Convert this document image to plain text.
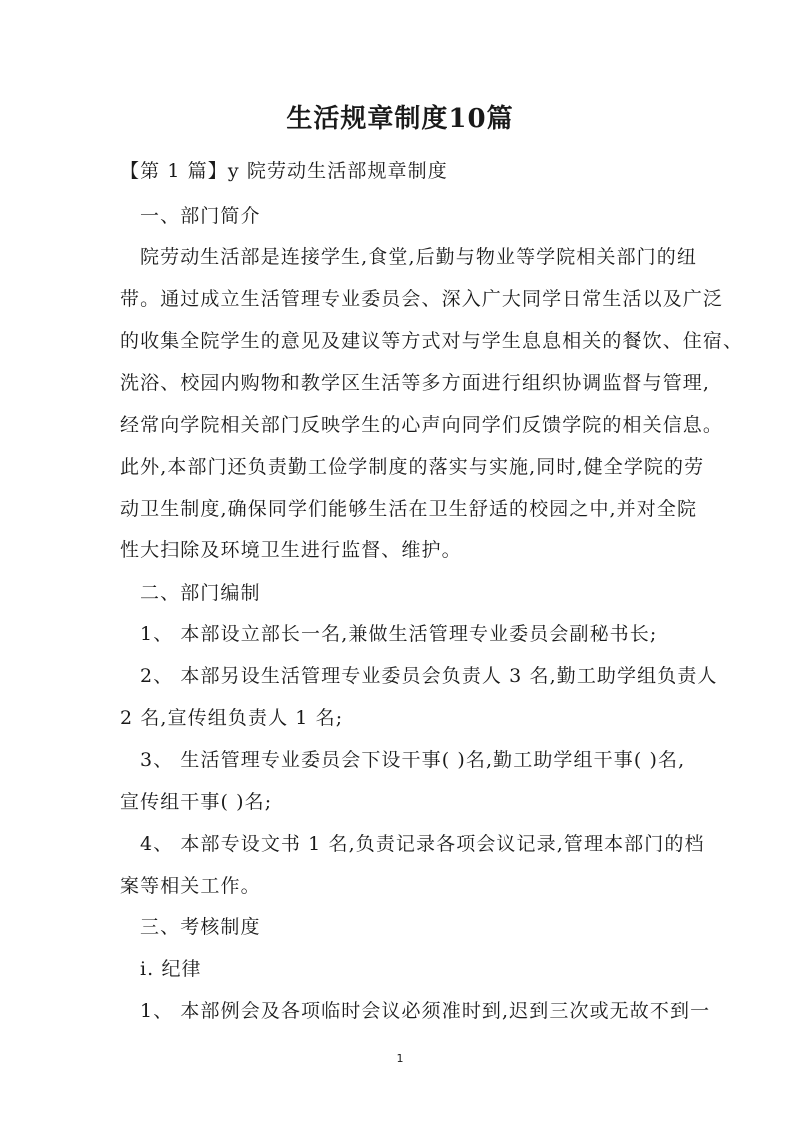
生活规章制度10篇
【第 1 篇】y 院劳动生活部规章制度
一、部门简介
院劳动生活部是连接学生,食堂,后勤与物业等学院相关部门的纽
带。通过成立生活管理专业委员会、深入广大同学日常生活以及广泛
的收集全院学生的意见及建议等方式对与学生息息相关的餐饮、住宿、
洗浴、校园内购物和教学区生活等多方面进行组织协调监督与管理,
经常向学院相关部门反映学生的心声向同学们反馈学院的相关信息。
此外,本部门还负责勤工俭学制度的落实与实施,同时,健全学院的劳
动卫生制度,确保同学们能够生活在卫生舒适的校园之中,并对全院
性大扫除及环境卫生进行监督、维护。
二、部门编制
1、 本部设立部长一名,兼做生活管理专业委员会副秘书长;
2、 本部另设生活管理专业委员会负责人 3 名,勤工助学组负责人
2 名,宣传组负责人 1 名;
3、 生活管理专业委员会下设干事( )名,勤工助学组干事( )名,
宣传组干事( )名;
4、 本部专设文书 1 名,负责记录各项会议记录,管理本部门的档
案等相关工作。
三、考核制度
i. 纪律
1、 本部例会及各项临时会议必须准时到,迟到三次或无故不到一
1
